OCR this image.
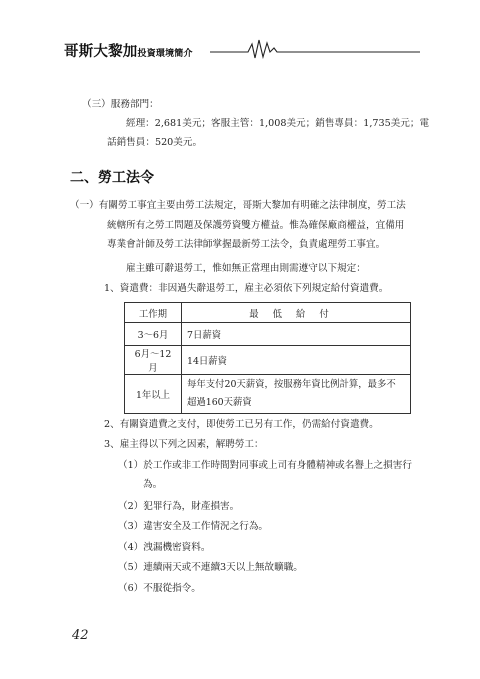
哥斯大黎加投資環境簡介
（三）服務部門：
經理：2,681美元；客服主管：1,008美元；銷售專員：1,735美元；電
話銷售員：520美元。
二、勞工法令
（一）有關勞工事宜主要由勞工法規定，哥斯大黎加有明確之法律制度，勞工法
統轄所有之勞工問題及保護勞資雙方權益。惟為確保廠商權益，宜備用
專業會計師及勞工法律師掌握最新勞工法令，負責處理勞工事宜。
雇主雖可辭退勞工，惟如無正當理由則需遵守以下規定：
1、資遣費：非因過失辭退勞工，雇主必須依下列規定給付資遣費。
工作期	最低給付
3～6月	7日薪資
6月～12月	14日薪資
1年以上	每年支付20天薪資，按服務年資比例計算，最多不
超過160天薪資
2、有關資遣費之支付，即使勞工已另有工作，仍需給付資遣費。
3、雇主得以下列之因素，解聘勞工：
（1）於工作或非工作時間對同事或上司有身體精神或名譽上之損害行
為。
（2）犯罪行為，財產損害。
（3）違害安全及工作情況之行為。
（4）洩漏機密資料。
（5）連續兩天或不連續3天以上無故曠職。
（6）不服從指令。
42
